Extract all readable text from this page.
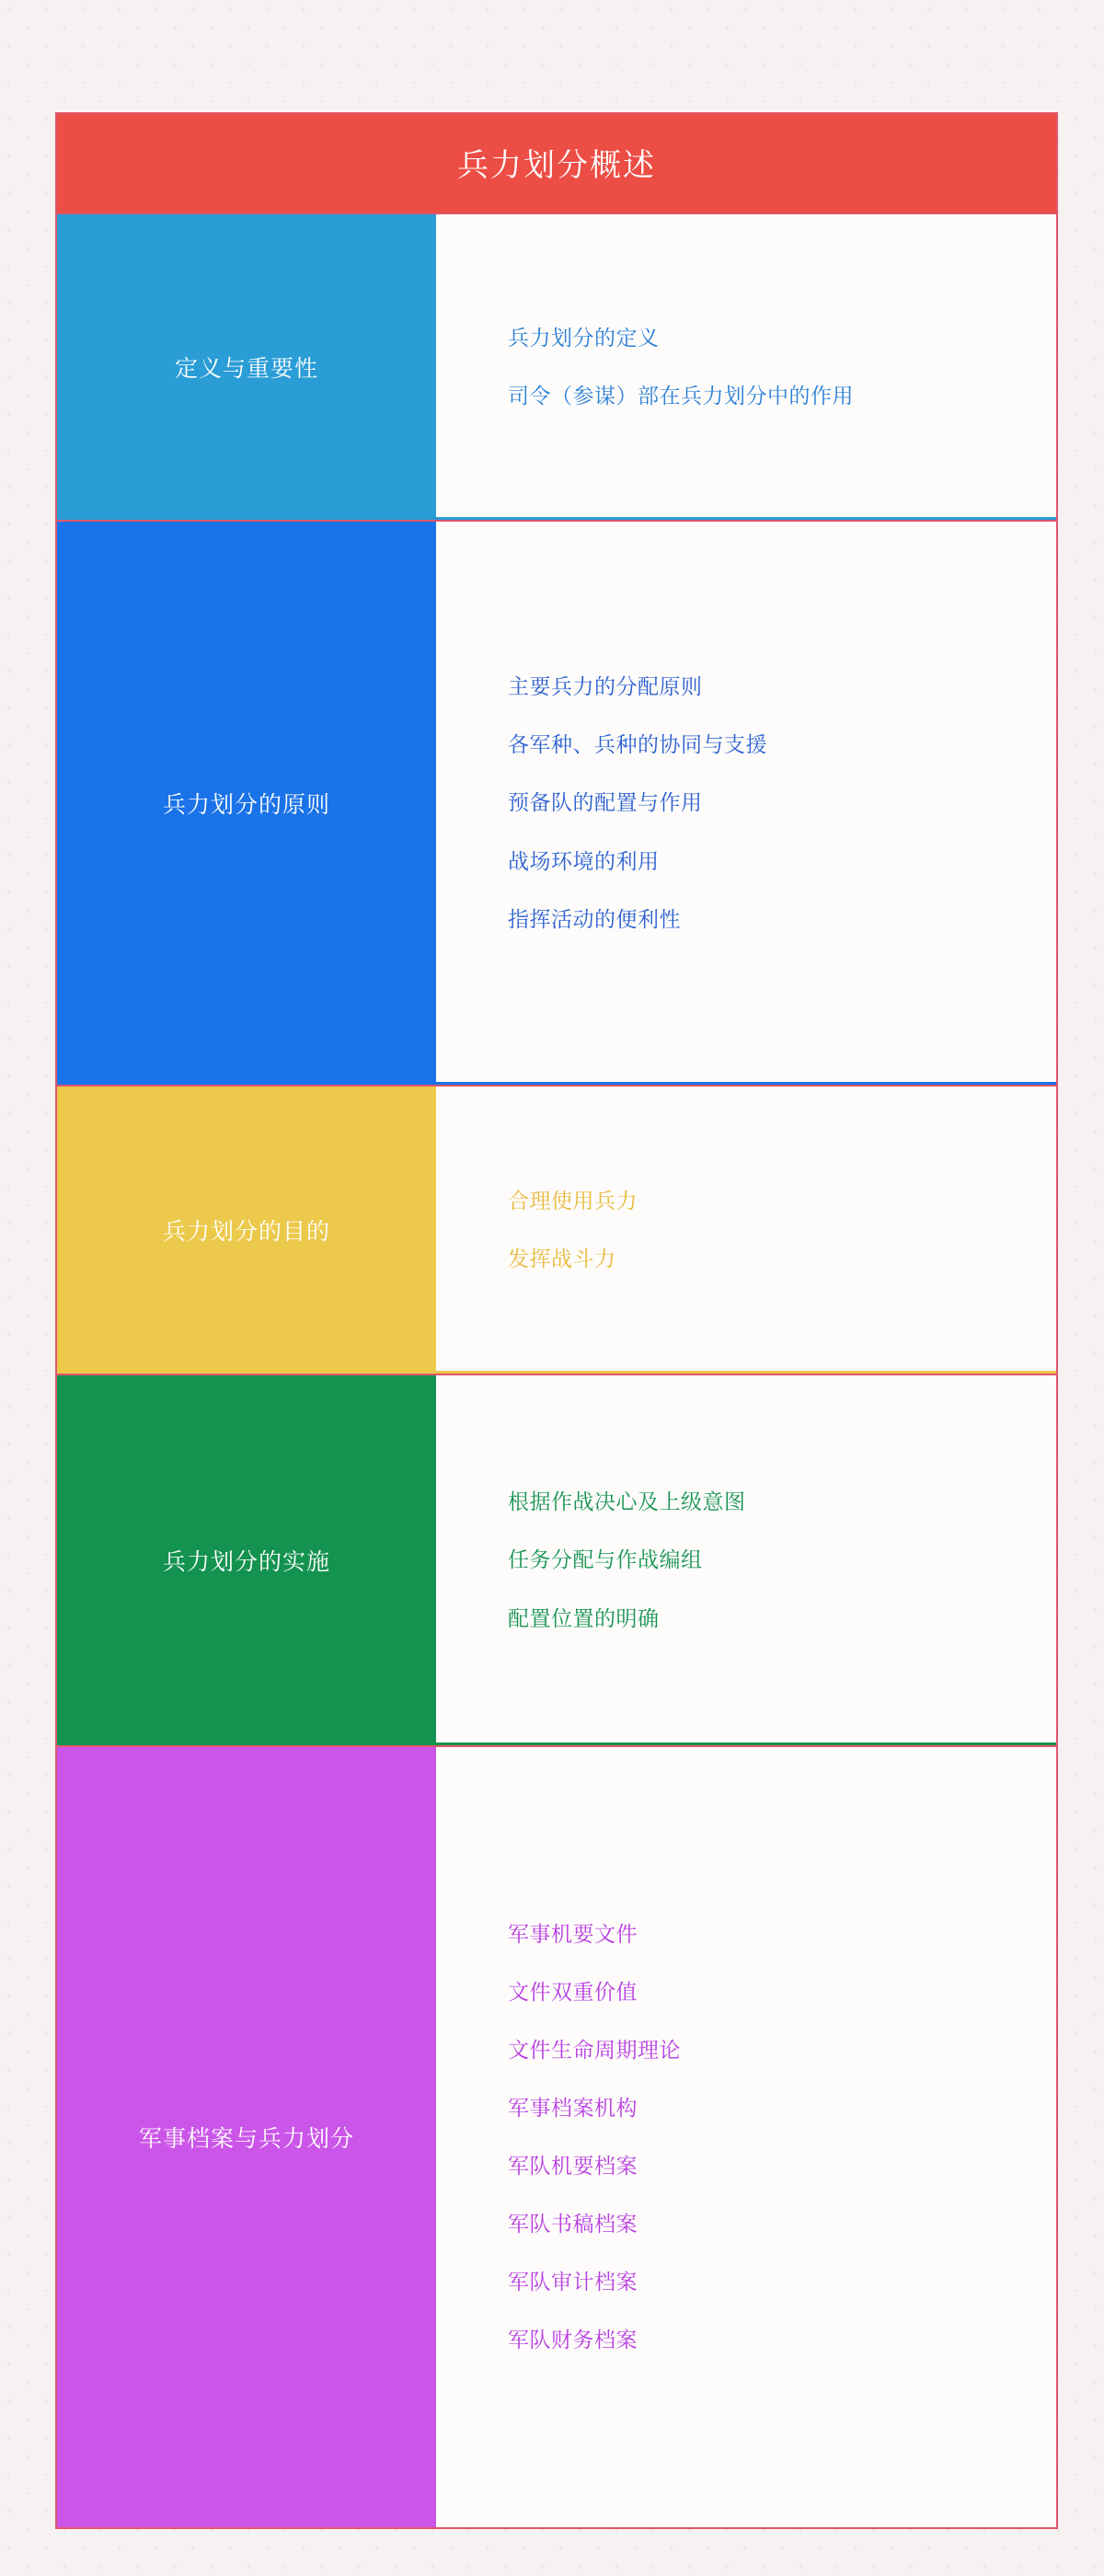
兵力划分概述
定义与重要性
兵力划分的定义
司令（参谋）部在兵力划分中的作用
兵力划分的原则
主要兵力的分配原则
各军种、兵种的协同与支援
预备队的配置与作用
战场环境的利用
指挥活动的便利性
兵力划分的目的
合理使用兵力
发挥战斗力
兵力划分的实施
根据作战决心及上级意图
任务分配与作战编组
配置位置的明确
军事档案与兵力划分
军事机要文件
文件双重价值
文件生命周期理论
军事档案机构
军队机要档案
军队书稿档案
军队审计档案
军队财务档案
